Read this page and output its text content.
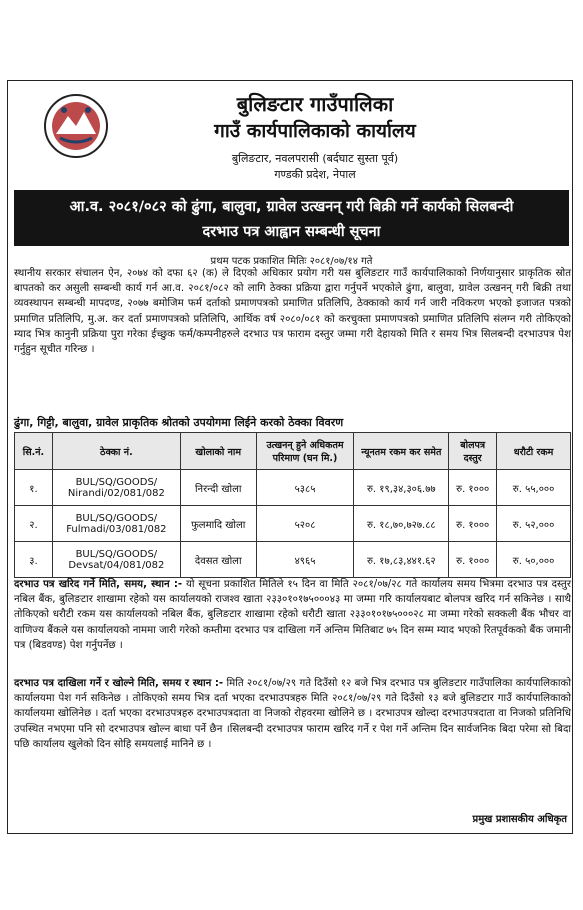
बुलिङटार गाउँपालिका
गाउँ कार्यपालिकाको कार्यालय
बुलिङटार, नवलपरासी (बर्दघाट सुस्ता पूर्व)
गण्डकी प्रदेश, नेपाल
आ.व. २०८१/०८२ को ढुंगा, बालुवा, ग्रावेल उत्खनन् गरी बिक्री गर्ने कार्यको सिलबन्दी
दरभाउ पत्र आह्वान सम्बन्धी सूचना
प्रथम पटक प्रकाशित मितिः २०८१/०७/१४ गते
स्थानीय सरकार संचालन ऐन, २०७४ को दफा ६२ (क) ले दिएको अधिकार प्रयोग गरी यस बुलिङटार गाउँ कार्यपालिकाको निर्णयानुसार प्राकृतिक स्रोत बापतको कर असुली सम्बन्धी कार्य गर्न आ.व. २०८१/०८२ को लागि ठेक्का प्रक्रिया द्वारा गर्नुपर्ने भएकोले ढुंगा, बालुवा, ग्रावेल उत्खनन् गरी बिक्री तथा व्यवस्थापन सम्बन्धी मापदण्ड, २०७७ बमोजिम फर्म दर्ताको प्रमाणपत्रको प्रमाणित प्रतिलिपि, ठेक्काको कार्य गर्न जारी नविकरण भएको इजाजत पत्रको प्रमाणित प्रतिलिपि, मु.अ. कर दर्ता प्रमाणपत्रको प्रतिलिपि, आर्थिक वर्ष २०८०/०८१ को करचुक्ता प्रमाणपत्रको प्रमाणित प्रतिलिपि संलग्न गरी तोकिएको म्याद भित्र कानुनी प्रक्रिया पुरा गरेका ईच्छुक फर्म/कम्पनीहरुले दरभाउ पत्र फाराम दस्तुर जम्मा गरी देहायको मिति र समय भित्र सिलबन्दी दरभाउपत्र पेश गर्नुहुन सूचीत गरिन्छ ।
ढुंगा, गिट्टी, बालुवा, ग्रावेल प्राकृतिक श्रोतको उपयोगमा लिईने करको ठेक्का विवरण
सि.नं.	ठेक्का नं.	खोलाको नाम	उत्खनन् हुने अधिकतम परिमाण (घन मि.)	न्यूनतम रकम कर समेत	बोलपत्र दस्तुर	धरौटी रकम
१.	BUL/SQ/GOODS/ Nirandi/02/081/082	निरन्दी खोला	५३८५	रु. १९,३४,३०६.७७	रु. १०००	रु. ५५,०००
२.	BUL/SQ/GOODS/ Fulmadi/03/081/082	फुलमादि खोला	५२०८	रु. १८,७०,७२७.८८	रु. १०००	रु. ५२,०००
३.	BUL/SQ/GOODS/ Devsat/04/081/082	देवसत खोला	४९६५	रु. १७,८३,४४१.६२	रु. १०००	रु. ५०,०००
दरभाउ पत्र खरिद गर्ने मिति, समय, स्थान :- यो सूचना प्रकाशित मितिले १५ दिन वा मिति २०८१/०७/२८ गते कार्यालय समय भित्रमा दरभाउ पत्र दस्तुर नबिल बैंक, बुलिङटार शाखामा रहेको यस कार्यालयको राजश्व खाता २३३०१०१७५०००४३ मा जम्मा गरि कार्यालयबाट बोलपत्र खरिद गर्न सकिनेछ । साथै तोकिएको धरौटी रकम यस कार्यालयको नबिल बैंक, बुलिङटार शाखामा रहेको धरौटी खाता २३३०१०१७५०००२८ मा जम्मा गरेको सक्कली बैंक भौचर वा वाणिज्य बैंकले यस कार्यालयको नाममा जारी गरेको कम्तीमा दरभाउ पत्र दाखिला गर्ने अन्तिम मितिबाट ७५ दिन सम्म म्याद भएको रितपूर्वकको बैंक जमानी पत्र (बिडवण्ड) पेश गर्नुपर्नेछ ।
दरभाउ पत्र दाखिला गर्ने र खोल्ने मिति, समय र स्थान :- मिति २०८१/०७/२९ गते दिउँसो १२ बजे भित्र दरभाउ पत्र बुलिङटार गाउँपालिका कार्यपालिकाको कार्यालयमा पेश गर्न सकिनेछ । तोकिएको समय भित्र दर्ता भएका दरभाउपत्रहरु मिति २०८१/०७/२९ गते दिउँसो १३ बजे बुलिङटार गाउँ कार्यपालिकाको कार्यालयमा खोलिनेछ । दर्ता भएका दरभाउपत्रहरु दरभाउपत्रदाता वा निजको रोहवरमा खोलिने छ । दरभाउपत्र खोल्दा दरभाउपत्रदाता वा निजको प्रतिनिधि उपस्थित नभएमा पनि सो दरभाउपत्र खोल्न बाधा पर्ने छैन ।सिलबन्दी दरभाउपत्र फाराम खरिद गर्ने र पेश गर्ने अन्तिम दिन सार्वजनिक बिदा परेमा सो बिदा पछि कार्यालय खुलेको दिन सोहि समयलाई मानिने छ ।
प्रमुख प्रशासकीय अधिकृत
